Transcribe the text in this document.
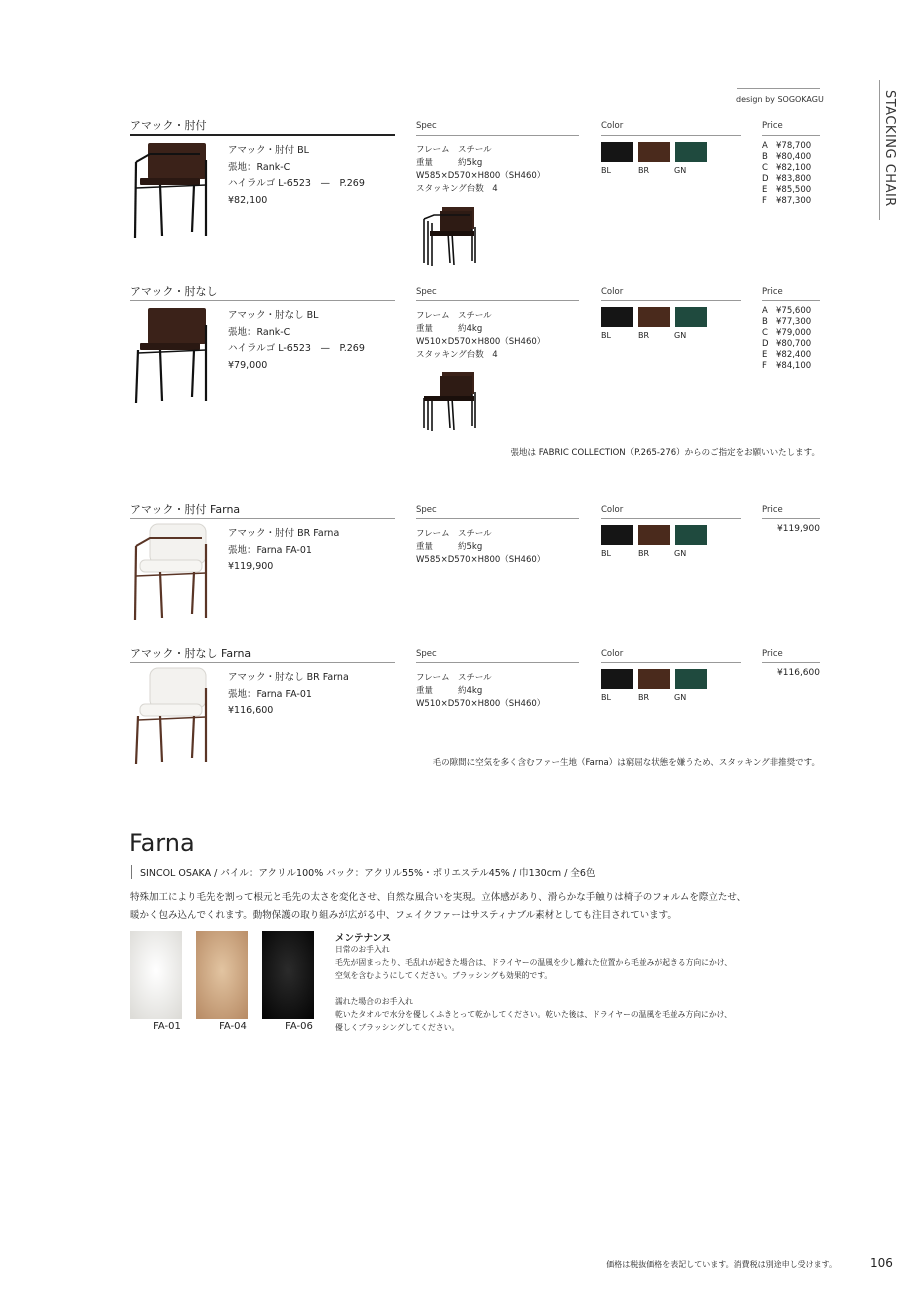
design by SOGOKAGU	STACKING CHAIR
アマック・肘付
アマック・肘付 BL
張地：Rank-C
ハイラルゴ L-6523　—　P.269
¥82,100
Spec
フレーム スチール
重量	約5kg
W585×D570×H800（SH460）
スタッキング台数　4
Color
BL	BR	GN
Price
A ¥78,700
B ¥80,400
C ¥82,100
D ¥83,800
E ¥85,500
F ¥87,300
アマック・肘なし
アマック・肘なし BL
張地：Rank-C
ハイラルゴ L-6523　—　P.269
¥79,000
Spec
フレーム スチール
重量	約4kg
W510×D570×H800（SH460）
スタッキング台数　4
Color
BL	BR	GN
Price
A ¥75,600
B ¥77,300
C ¥79,000
D ¥80,700
E ¥82,400
F ¥84,100
張地は FABRIC COLLECTION（P.265-276）からのご指定をお願いいたします。
アマック・肘付 Farna
アマック・肘付 BR Farna
張地：Farna FA-01
¥119,900
Spec
フレーム スチール
重量	約5kg
W585×D570×H800（SH460）
Color
BL	BR	GN
Price
¥119,900
アマック・肘なし Farna
アマック・肘なし BR Farna
張地：Farna FA-01
¥116,600
Spec
フレーム スチール
重量	約4kg
W510×D570×H800（SH460）
Color
BL	BR	GN
Price
¥116,600
毛の隙間に空気を多く含むファー生地（Farna）は窮屈な状態を嫌うため、スタッキング非推奨です。
Farna
SINCOL OSAKA / パイル：アクリル100% パック：アクリル55%・ポリエステル45% / 巾130cm / 全6色
特殊加工により毛先を割って根元と毛先の太さを変化させ、自然な風合いを実現。立体感があり、滑らかな手触りは椅子のフォルムを際立たせ、
暖かく包み込んでくれます。動物保護の取り組みが広がる中、フェイクファーはサスティナブル素材としても注目されています。
FA-01	FA-04	FA-06
メンテナンス
日常のお手入れ
毛先が固まったり、毛乱れが起きた場合は、ドライヤーの温風を少し離れた位置から毛並みが起きる方向にかけ、
空気を含むようにしてください。ブラッシングも効果的です。
濡れた場合のお手入れ
乾いたタオルで水分を優しくふきとって乾かしてください。乾いた後は、ドライヤーの温風を毛並み方向にかけ、
優しくブラッシングしてください。
価格は税抜価格を表記しています。消費税は別途申し受けます。	106
